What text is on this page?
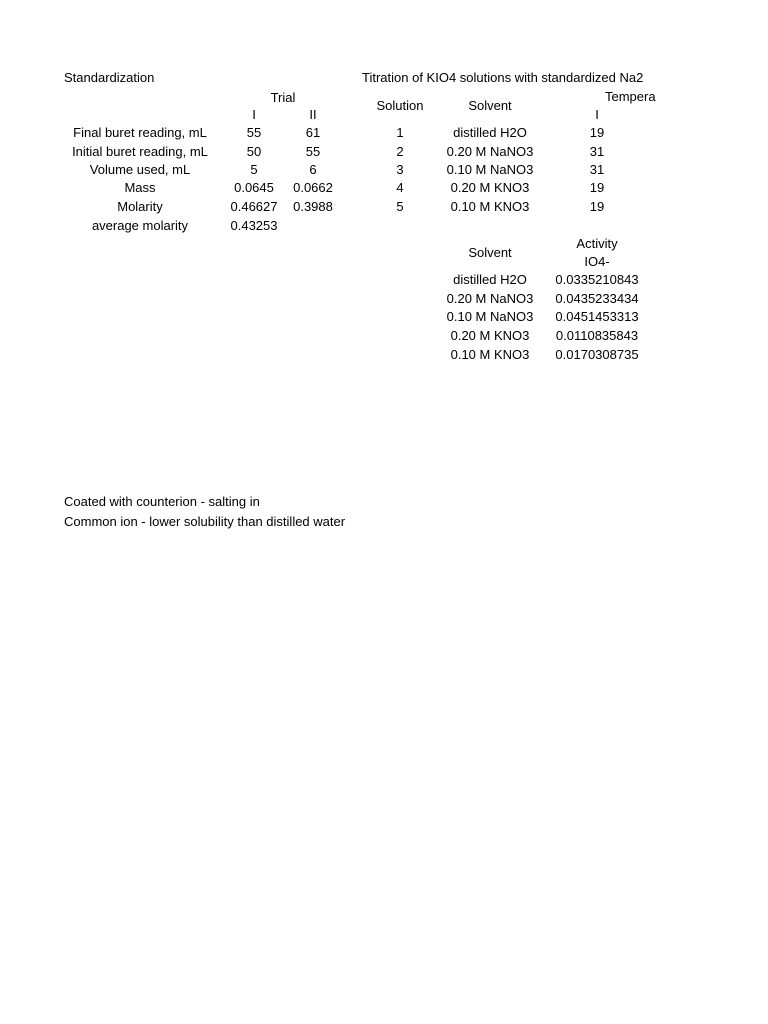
Standardization
Trial
I	II
Final buret reading, mL	55	61
Initial buret reading, mL	50	55
Volume used, mL	5	6
Mass	0.0645	0.0662
Molarity	0.46627	0.3988
average molarity	0.43253
Titration of KIO4 solutions with standardized Na2
Solution	Solvent
Tempera
I
1	distilled H2O	19
2	0.20 M NaNO3	31
3	0.10 M NaNO3	31
4	0.20 M KNO3	19
5	0.10 M KNO3	19
Solvent
Activity
IO4-
distilled H2O	0.0335210843
0.20 M NaNO3	0.0435233434
0.10 M NaNO3	0.0451453313
0.20 M KNO3	0.0110835843
0.10 M KNO3	0.0170308735
Coated with counterion - salting in
Common ion - lower solubility than distilled water
